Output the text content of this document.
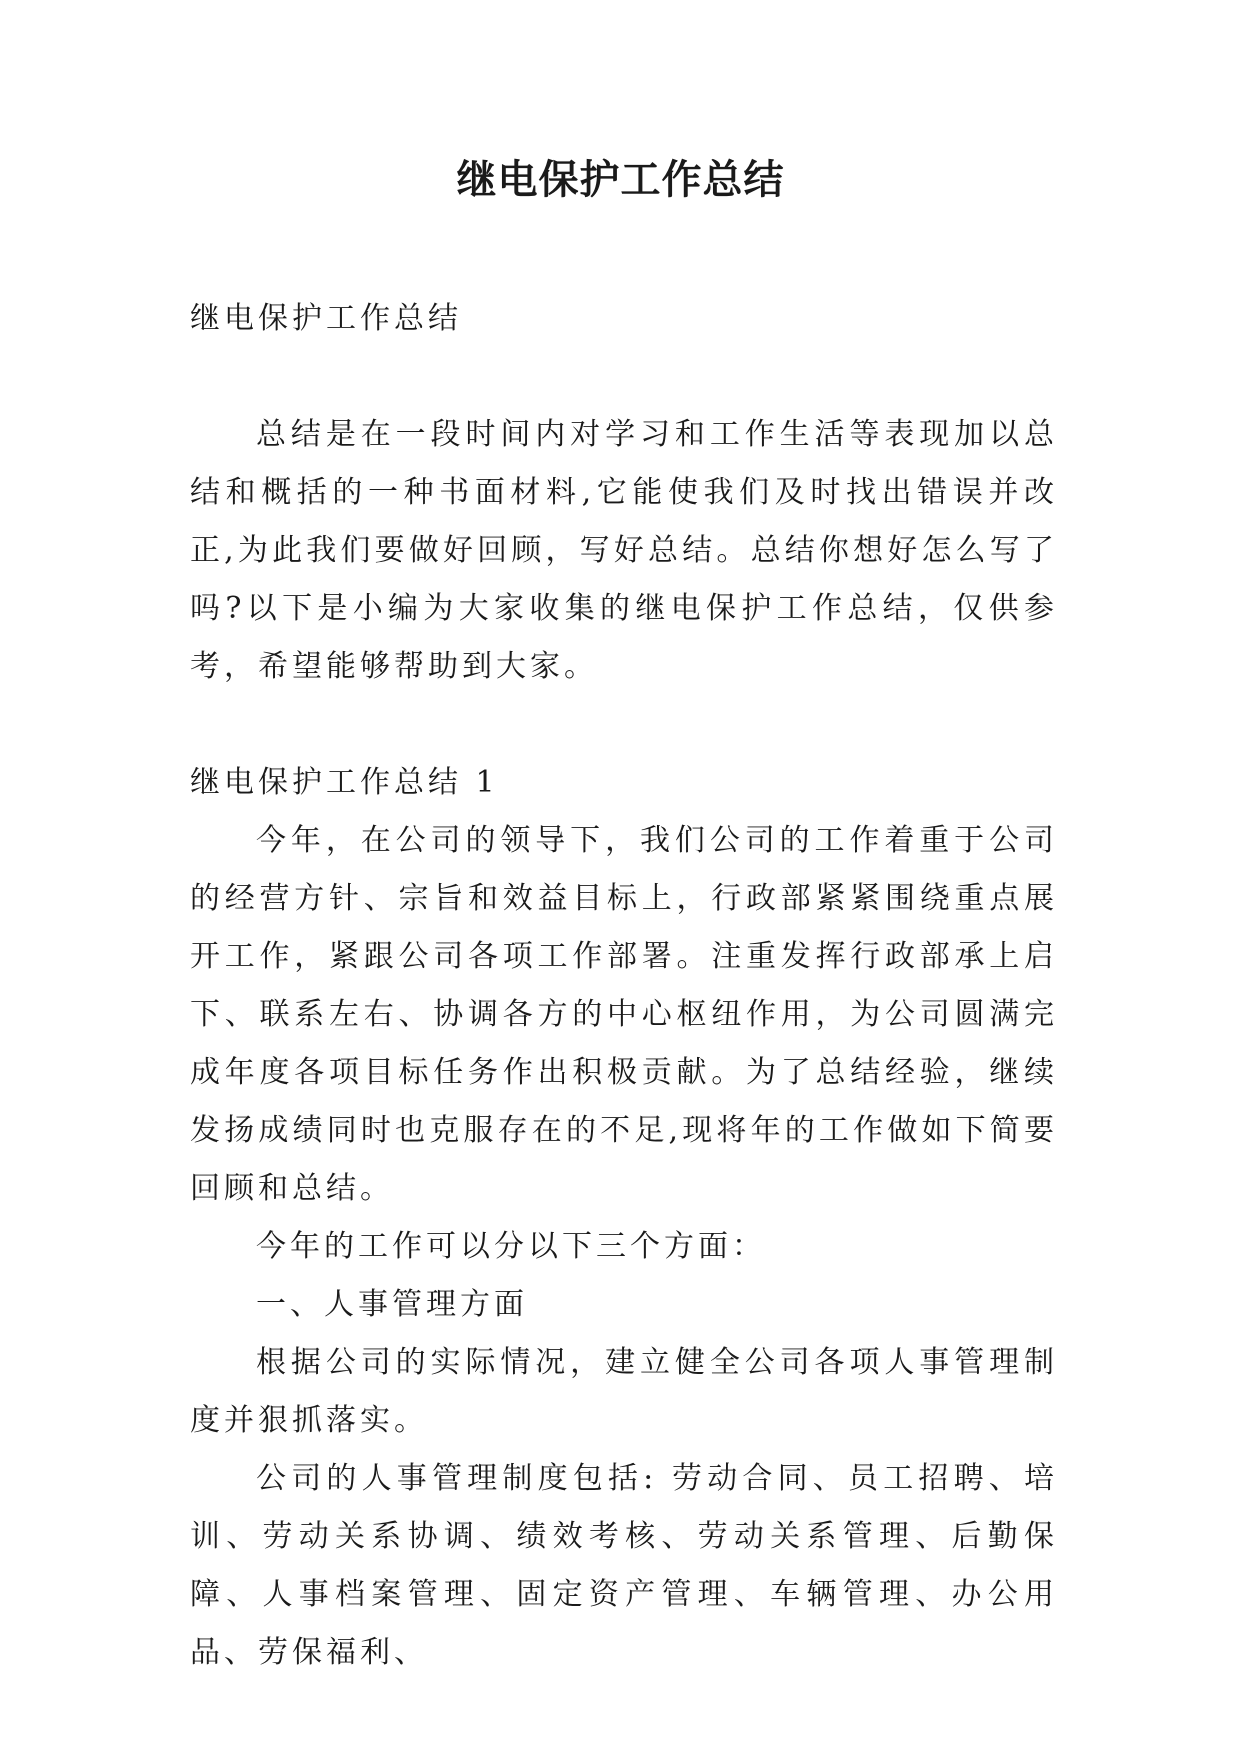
继电保护工作总结

继电保护工作总结

总结是在一段时间内对学习和工作生活等表现加以总结和概括的一种书面材料,它能使我们及时找出错误并改正,为此我们要做好回顾，写好总结。总结你想好怎么写了吗?以下是小编为大家收集的继电保护工作总结，仅供参考，希望能够帮助到大家。

继电保护工作总结 1

今年，在公司的领导下，我们公司的工作着重于公司的经营方针、宗旨和效益目标上，行政部紧紧围绕重点展开工作，紧跟公司各项工作部署。注重发挥行政部承上启下、联系左右、协调各方的中心枢纽作用，为公司圆满完成年度各项目标任务作出积极贡献。为了总结经验，继续发扬成绩同时也克服存在的不足,现将年的工作做如下简要回顾和总结。

今年的工作可以分以下三个方面：

一、人事管理方面

根据公司的实际情况，建立健全公司各项人事管理制度并狠抓落实。

公司的人事管理制度包括: 劳动合同、员工招聘、培训、劳动关系协调、绩效考核、劳动关系管理、后勤保障、人事档案管理、固定资产管理、车辆管理、办公用品、劳保福利、
